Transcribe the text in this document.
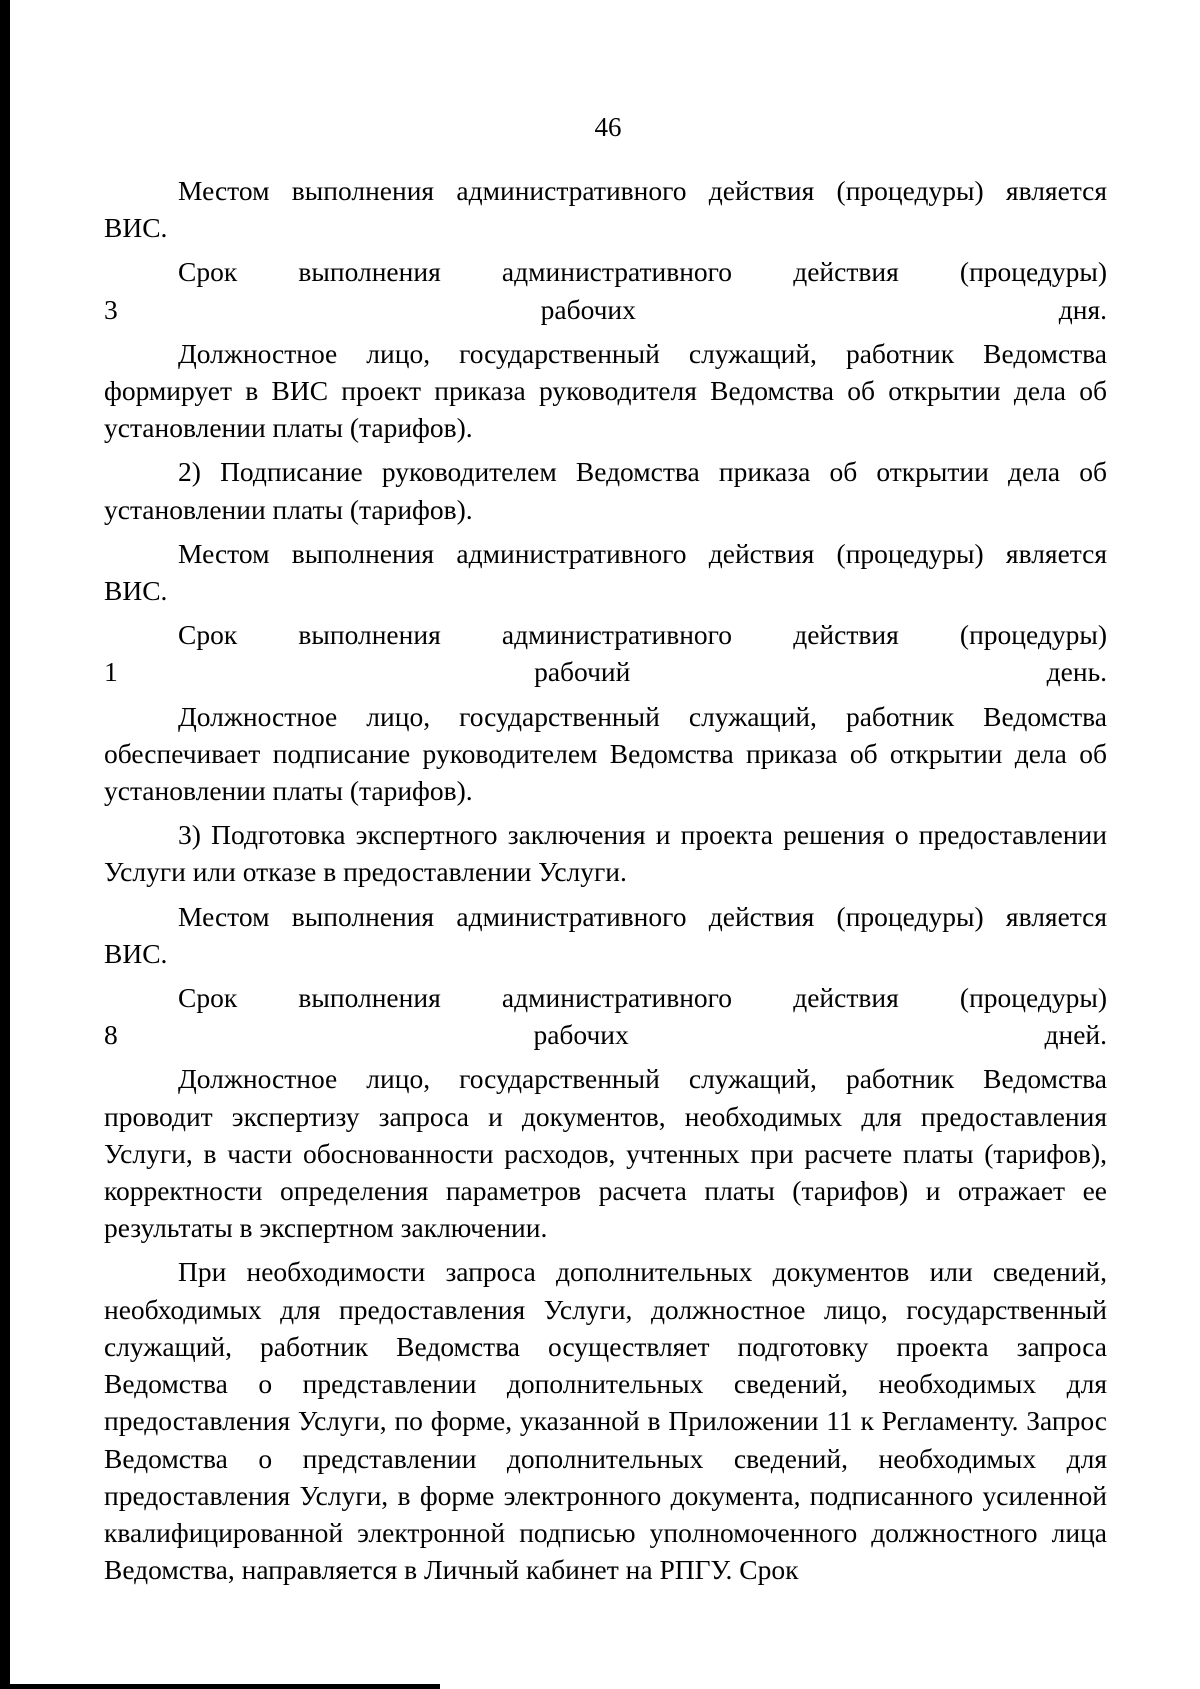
46

Местом выполнения административного действия (процедуры) является
ВИС.

Срок выполнения административного действия (процедуры)
3 рабочих дня.

Должностное лицо, государственный служащий, работник Ведомства формирует в ВИС проект приказа руководителя Ведомства об открытии дела об установлении платы (тарифов).

2) Подписание руководителем Ведомства приказа об открытии дела об установлении платы (тарифов).

Местом выполнения административного действия (процедуры) является
ВИС.

Срок выполнения административного действия (процедуры)
1 рабочий день.

Должностное лицо, государственный служащий, работник Ведомства обеспечивает подписание руководителем Ведомства приказа об открытии дела об установлении платы (тарифов).

3) Подготовка экспертного заключения и проекта решения о предоставлении Услуги или отказе в предоставлении Услуги.

Местом выполнения административного действия (процедуры) является
ВИС.

Срок выполнения административного действия (процедуры)
8 рабочих дней.

Должностное лицо, государственный служащий, работник Ведомства проводит экспертизу запроса и документов, необходимых для предоставления Услуги, в части обоснованности расходов, учтенных при расчете платы (тарифов), корректности определения параметров расчета платы (тарифов) и отражает ее результаты в экспертном заключении.

При необходимости запроса дополнительных документов или сведений, необходимых для предоставления Услуги, должностное лицо, государственный служащий, работник Ведомства осуществляет подготовку проекта запроса Ведомства о представлении дополнительных сведений, необходимых для предоставления Услуги, по форме, указанной в Приложении 11 к Регламенту. Запрос Ведомства о представлении дополнительных сведений, необходимых для предоставления Услуги, в форме электронного документа, подписанного усиленной квалифицированной электронной подписью уполномоченного должностного лица Ведомства, направляется в Личный кабинет на РПГУ. Срок
